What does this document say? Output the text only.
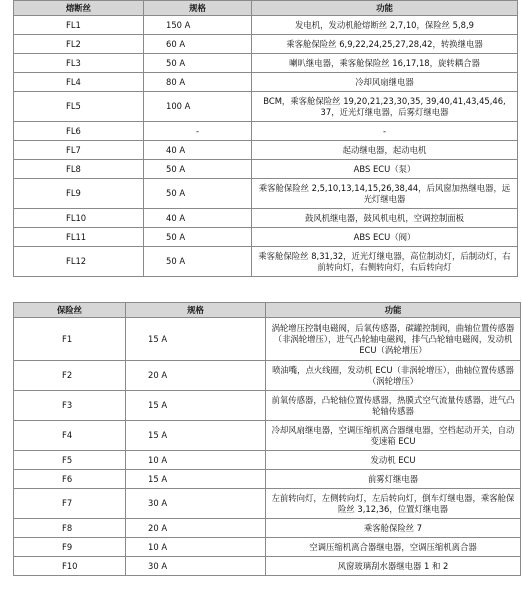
熔断丝	规格	功能
FL1	150 A	发电机，发动机舱熔断丝 2,7,10，保险丝 5,8,9
FL2	60 A	乘客舱保险丝 6,9,22,24,25,27,28,42，转换继电器
FL3	50 A	喇叭继电器，乘客舱保险丝 16,17,18，旋转耦合器
FL4	80 A	冷却风扇继电器
FL5	100 A	BCM，乘客舱保险丝 19,20,21,23,30,35, 39,40,41,43,45,46, 37，近光灯继电器，后雾灯继电器
FL6	-	-
FL7	40 A	起动继电器，起动电机
FL8	50 A	ABS ECU（泵）
FL9	50 A	乘客舱保险丝 2,5,10,13,14,15,26,38,44，后风窗加热继电器，远光灯继电器
FL10	40 A	鼓风机继电器，鼓风机电机，空调控制面板
FL11	50 A	ABS ECU（阀）
FL12	50 A	乘客舱保险丝 8,31,32，近光灯继电器，高位制动灯，后制动灯，右前转向灯，右侧转向灯，右后转向灯
保险丝	规格	功能
F1	15 A	涡轮增压控制电磁阀，后氧传感器，碳罐控制阀，曲轴位置传感器（非涡轮增压），进气凸轮轴电磁阀，排气凸轮轴电磁阀，发动机 ECU（涡轮增压）
F2	20 A	喷油嘴，点火线圈，发动机 ECU（非涡轮增压），曲轴位置传感器（涡轮增压）
F3	15 A	前氧传感器，凸轮轴位置传感器，热膜式空气流量传感器，进气凸轮轴传感器
F4	15 A	冷却风扇继电器，空调压缩机离合器继电器，空档起动开关，自动变速箱 ECU
F5	10 A	发动机 ECU
F6	15 A	前雾灯继电器
F7	30 A	左前转向灯，左侧转向灯，左后转向灯，倒车灯继电器，乘客舱保险丝 3,12,36，位置灯继电器
F8	20 A	乘客舱保险丝 7
F9	10 A	空调压缩机离合器继电器，空调压缩机离合器
F10	30 A	风窗玻璃刮水器继电器 1 和 2
